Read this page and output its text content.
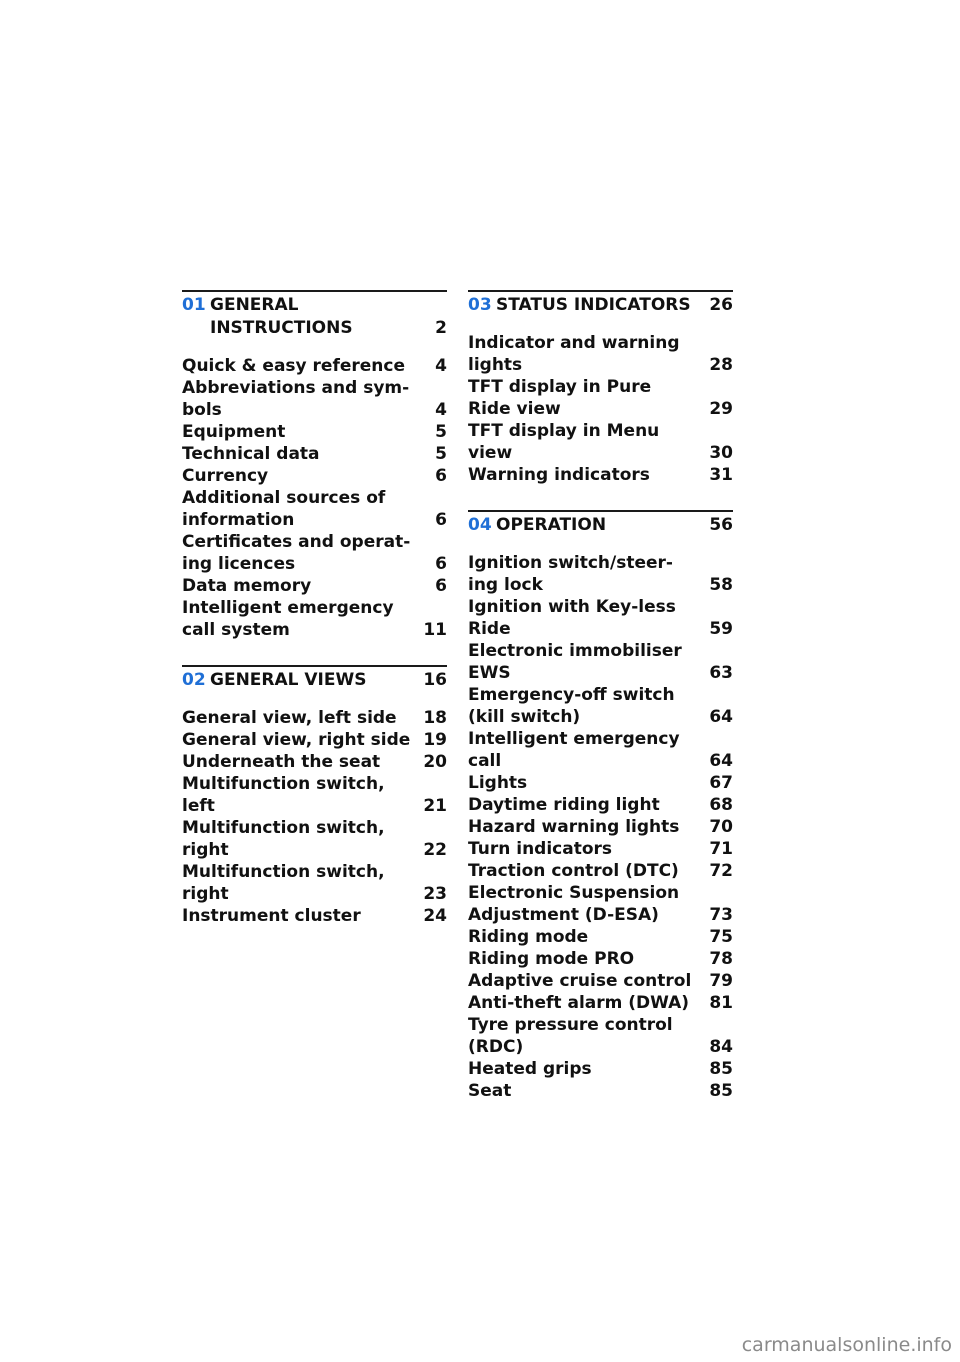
01 GENERAL INSTRUCTIONS	2
Quick & easy reference	4
Abbreviations and sym-bols	4
Equipment	5
Technical data	5
Currency	6
Additional sources of information	6
Certificates and operat-ing licences	6
Data memory	6
Intelligent emergency call system	11
02 GENERAL VIEWS	16
General view, left side	18
General view, right side 19
Underneath the seat	20
Multifunction switch, left	21
Multifunction switch, right	22
Multifunction switch, right	23
Instrument cluster	24
03 STATUS INDICATORS	26
Indicator and warning lights	28
TFT display in Pure Ride view	29
TFT display in Menu view	30
Warning indicators	31
04 OPERATION	56
Ignition switch/steer-ing lock	58
Ignition with Key-less Ride	59
Electronic immobiliser EWS	63
Emergency-off switch (kill switch)	64
Intelligent emergency call	64
Lights	67
Daytime riding light	68
Hazard warning lights	70
Turn indicators	71
Traction control (DTC)	72
Electronic Suspension Adjustment (D-ESA)	73
Riding mode	75
Riding mode PRO	78
Adaptive cruise control	79
Anti-theft alarm (DWA)	81
Tyre pressure control (RDC)	84
Heated grips	85
Seat	85
carmanualsonline.info
